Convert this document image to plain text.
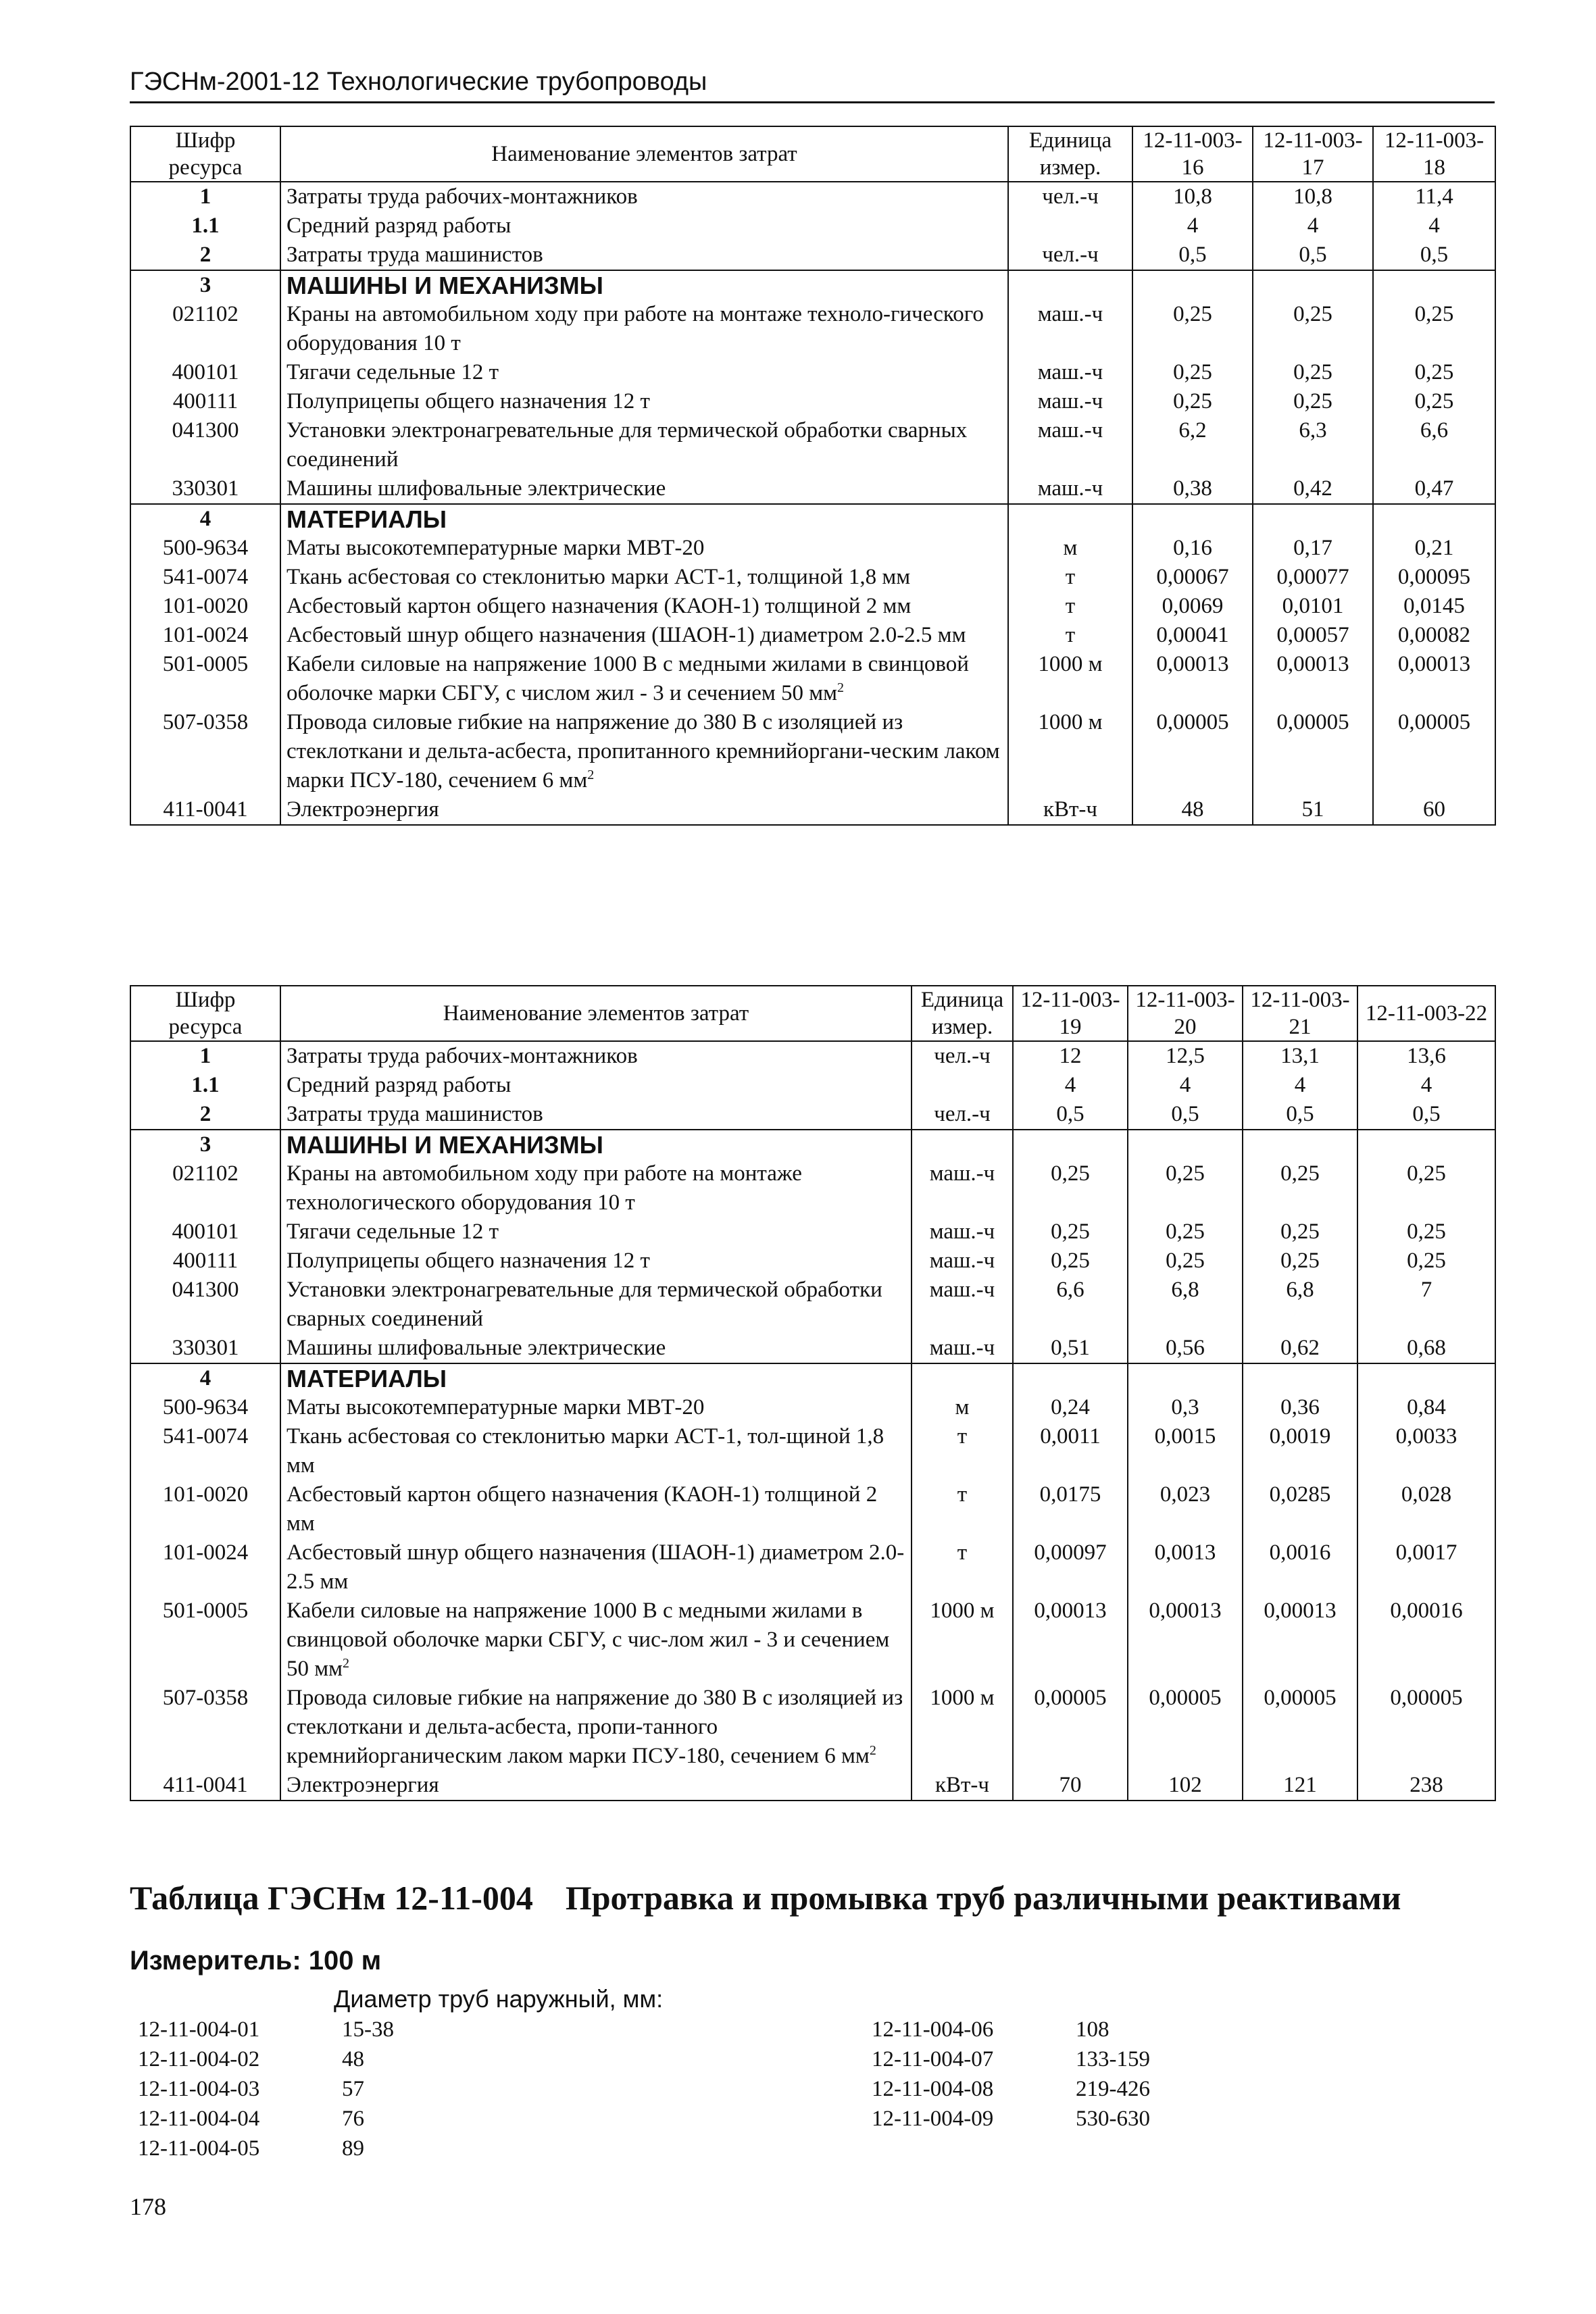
ГЭСНм-2001-12 Технологические трубопроводы
Шифр ресурса	Наименование элементов затрат	Единица измер.	12-11-003-16	12-11-003-17	12-11-003-18
1	Затраты труда рабочих-монтажников	чел.-ч	10,8	10,8	11,4
1.1	Средний разряд работы		4	4	4
2	Затраты труда машинистов	чел.-ч	0,5	0,5	0,5
3	МАШИНЫ И МЕХАНИЗМЫ				
021102	Краны на автомобильном ходу при работе на монтаже техноло-гического оборудования 10 т	маш.-ч	0,25	0,25	0,25
400101	Тягачи седельные 12 т	маш.-ч	0,25	0,25	0,25
400111	Полуприцепы общего назначения 12 т	маш.-ч	0,25	0,25	0,25
041300	Установки электронагревательные для термической обработки сварных соединений	маш.-ч	6,2	6,3	6,6
330301	Машины шлифовальные электрические	маш.-ч	0,38	0,42	0,47
4	МАТЕРИАЛЫ				
500-9634	Маты высокотемпературные марки МВТ-20	м	0,16	0,17	0,21
541-0074	Ткань асбестовая со стеклонитью марки АСТ-1, толщиной 1,8 мм	т	0,00067	0,00077	0,00095
101-0020	Асбестовый картон общего назначения (КАОН-1) толщиной 2 мм	т	0,0069	0,0101	0,0145
101-0024	Асбестовый шнур общего назначения (ШАОН-1) диаметром 2.0-2.5 мм	т	0,00041	0,00057	0,00082
501-0005	Кабели силовые на напряжение 1000 В с медными жилами в свинцовой оболочке марки СБГУ, с числом жил - 3 и сечением 50 $мм^2$	1000 м	0,00013	0,00013	0,00013
507-0358	Провода силовые гибкие на напряжение до 380 В с изоляцией из стеклоткани и дельта-асбеста, пропитанного кремнийоргани-ческим лаком марки ПСУ-180, сечением 6 $мм^2$	1000 м	0,00005	0,00005	0,00005
411-0041	Электроэнергия	кВт-ч	48	51	60
Шифр ресурса	Наименование элементов затрат	Единица измер.	12-11-003-19	12-11-003-20	12-11-003-21	12-11-003-22
1	Затраты труда рабочих-монтажников	чел.-ч	12	12,5	13,1	13,6
1.1	Средний разряд работы		4	4	4	4
2	Затраты труда машинистов	чел.-ч	0,5	0,5	0,5	0,5
3	МАШИНЫ И МЕХАНИЗМЫ					
021102	Краны на автомобильном ходу при работе на монтаже технологического оборудования 10 т	маш.-ч	0,25	0,25	0,25	0,25
400101	Тягачи седельные 12 т	маш.-ч	0,25	0,25	0,25	0,25
400111	Полуприцепы общего назначения 12 т	маш.-ч	0,25	0,25	0,25	0,25
041300	Установки электронагревательные для термической обработки сварных соединений	маш.-ч	6,6	6,8	6,8	7
330301	Машины шлифовальные электрические	маш.-ч	0,51	0,56	0,62	0,68
4	МАТЕРИАЛЫ					
500-9634	Маты высокотемпературные марки МВТ-20	м	0,24	0,3	0,36	0,84
541-0074	Ткань асбестовая со стеклонитью марки АСТ-1, тол-щиной 1,8 мм	т	0,0011	0,0015	0,0019	0,0033
101-0020	Асбестовый картон общего назначения (КАОН-1) толщиной 2 мм	т	0,0175	0,023	0,0285	0,028
101-0024	Асбестовый шнур общего назначения (ШАОН-1) диаметром 2.0-2.5 мм	т	0,00097	0,0013	0,0016	0,0017
501-0005	Кабели силовые на напряжение 1000 В с медными жилами в свинцовой оболочке марки СБГУ, с чис-лом жил - 3 и сечением 50 $мм^2$	1000 м	0,00013	0,00013	0,00013	0,00016
507-0358	Провода силовые гибкие на напряжение до 380 В с изоляцией из стеклоткани и дельта-асбеста, пропи-танного кремнийорганическим лаком марки ПСУ-180, сечением 6 $мм^2$	1000 м	0,00005	0,00005	0,00005	0,00005
411-0041	Электроэнергия	кВт-ч	70	102	121	238
Таблица ГЭСНм 12-11-004 Протравка и промывка труб различными реактивами
Измеритель: 100 м
Диаметр труб наружный, мм:
12-11-004-01	15-38
12-11-004-02	48
12-11-004-03	57
12-11-004-04	76
12-11-004-05	89
12-11-004-06	108
12-11-004-07	133-159
12-11-004-08	219-426
12-11-004-09	530-630
178
